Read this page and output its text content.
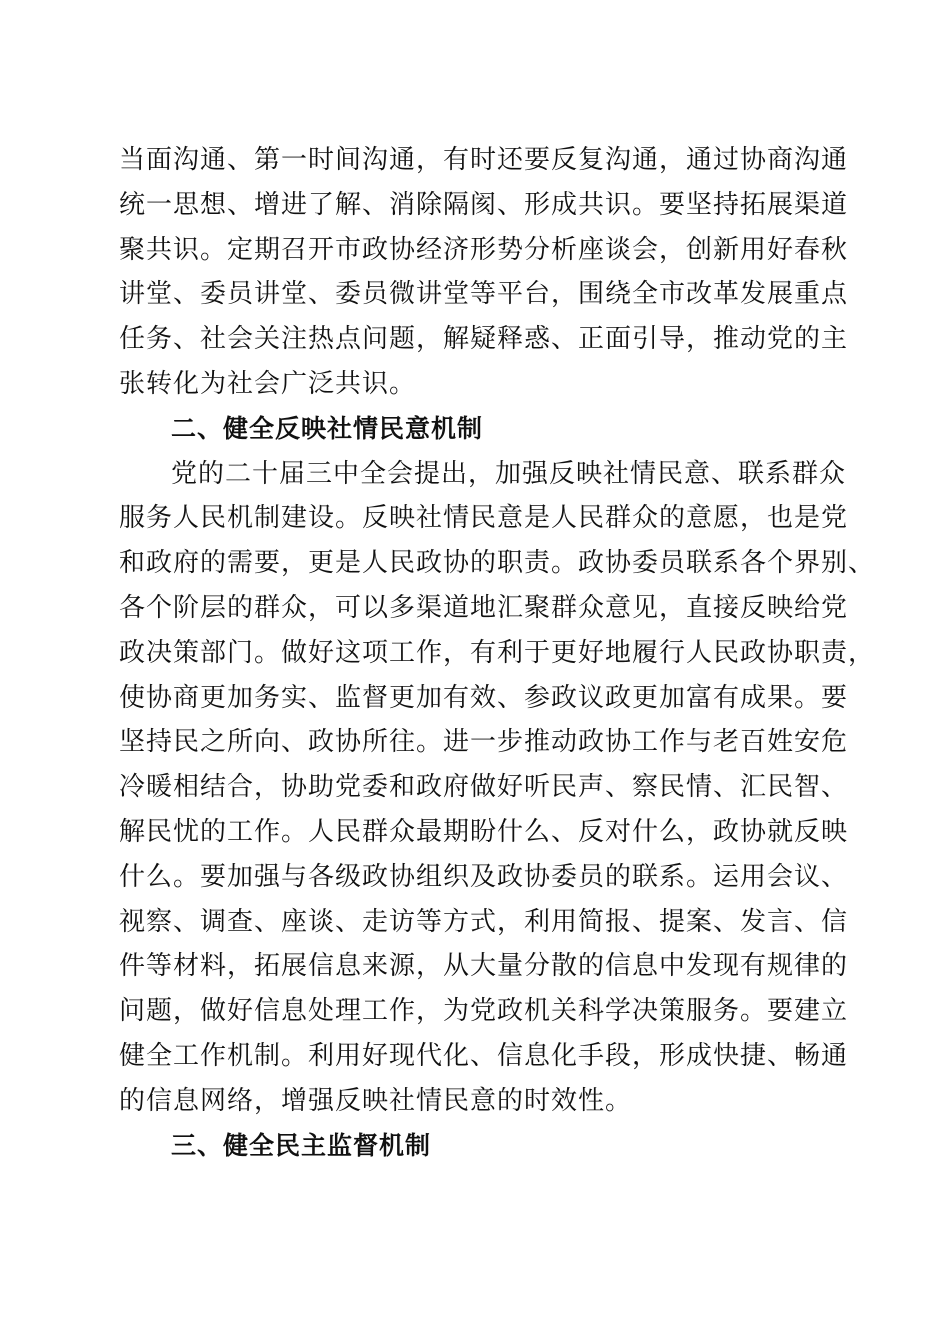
当面沟通、第一时间沟通，有时还要反复沟通，通过协商沟通
统一思想、增进了解、消除隔阂、形成共识。要坚持拓展渠道
聚共识。定期召开市政协经济形势分析座谈会，创新用好春秋
讲堂、委员讲堂、委员微讲堂等平台，围绕全市改革发展重点
任务、社会关注热点问题，解疑释惑、正面引导，推动党的主
张转化为社会广泛共识。
二、健全反映社情民意机制
党的二十届三中全会提出，加强反映社情民意、联系群众
服务人民机制建设。反映社情民意是人民群众的意愿，也是党
和政府的需要，更是人民政协的职责。政协委员联系各个界别、
各个阶层的群众，可以多渠道地汇聚群众意见，直接反映给党
政决策部门。做好这项工作，有利于更好地履行人民政协职责，
使协商更加务实、监督更加有效、参政议政更加富有成果。要
坚持民之所向、政协所往。进一步推动政协工作与老百姓安危
冷暖相结合，协助党委和政府做好听民声、察民情、汇民智、
解民忧的工作。人民群众最期盼什么、反对什么，政协就反映
什么。要加强与各级政协组织及政协委员的联系。运用会议、
视察、调查、座谈、走访等方式，利用简报、提案、发言、信
件等材料，拓展信息来源，从大量分散的信息中发现有规律的
问题，做好信息处理工作，为党政机关科学决策服务。要建立
健全工作机制。利用好现代化、信息化手段，形成快捷、畅通
的信息网络，增强反映社情民意的时效性。
三、健全民主监督机制
